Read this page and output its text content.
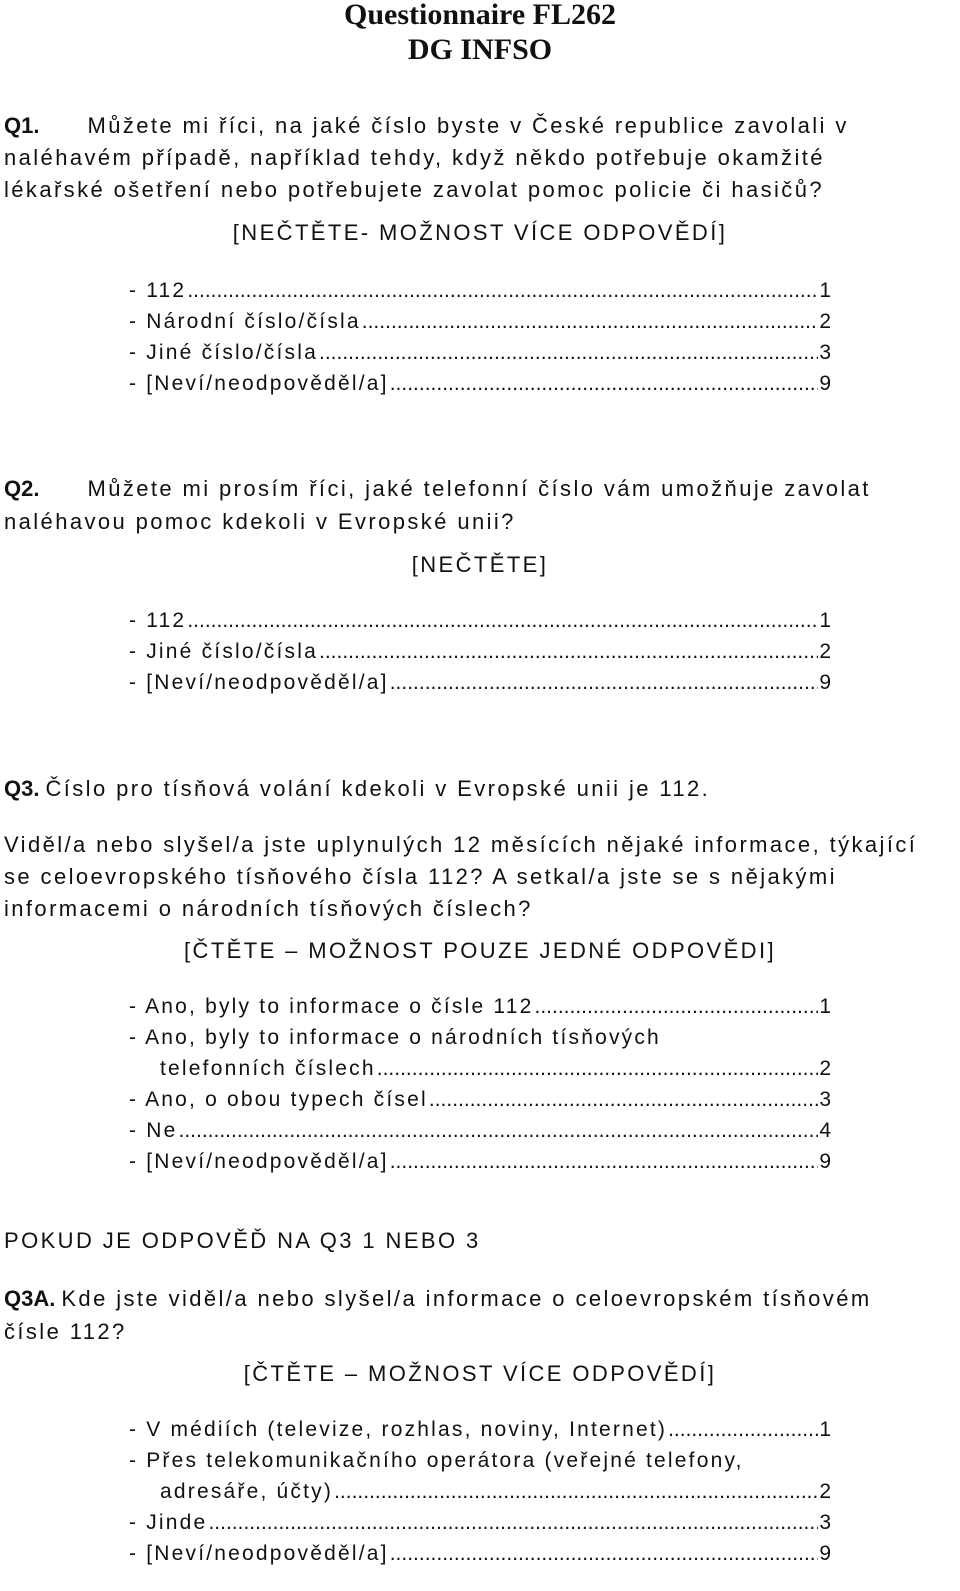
Questionnaire FL262
DG INFSO
Q1. Můžete mi říci, na jaké číslo byste v České republice zavolali v
naléhavém případě, například tehdy, když někdo potřebuje okamžité
lékařské ošetření nebo potřebujete zavolat pomoc policie či hasičů?
[NEČTĚTE- MOŽNOST VÍCE ODPOVĚDÍ]
- 112 .....	1
- Národní číslo/čísla .....	2
- Jiné číslo/čísla .....	3
- [Neví/neodpověděl/a] .....	9
Q2. Můžete mi prosím říci, jaké telefonní číslo vám umožňuje zavolat
naléhavou pomoc kdekoli v Evropské unii?
[NEČTĚTE]
- 112 .....	1
- Jiné číslo/čísla .....	2
- [Neví/neodpověděl/a] .....	9
Q3. Číslo pro tísňová volání kdekoli v Evropské unii je 112.
Viděl/a nebo slyšel/a jste uplynulých 12 měsících nějaké informace, týkající
se celoevropského tísňového čísla 112? A setkal/a jste se s nějakými
informacemi o národních tísňových číslech?
[ČTĚTE – MOŽNOST POUZE JEDNÉ ODPOVĚDI]
- Ano, byly to informace o čísle 112 .....	1
- Ano, byly to informace o národních tísňových
telefonních číslech .....	2
- Ano, o obou typech čísel .....	3
- Ne .....	4
- [Neví/neodpověděl/a] .....	9
POKUD JE ODPOVĚĎ NA Q3 1 NEBO 3
Q3A. Kde jste viděl/a nebo slyšel/a informace o celoevropském tísňovém
čísle 112?
[ČTĚTE – MOŽNOST VÍCE ODPOVĚDÍ]
- V médiích (televize, rozhlas, noviny, Internet) .....	1
- Přes telekomunikačního operátora (veřejné telefony,
adresáře, účty) .....	2
- Jinde .....	3
- [Neví/neodpověděl/a] .....	9
